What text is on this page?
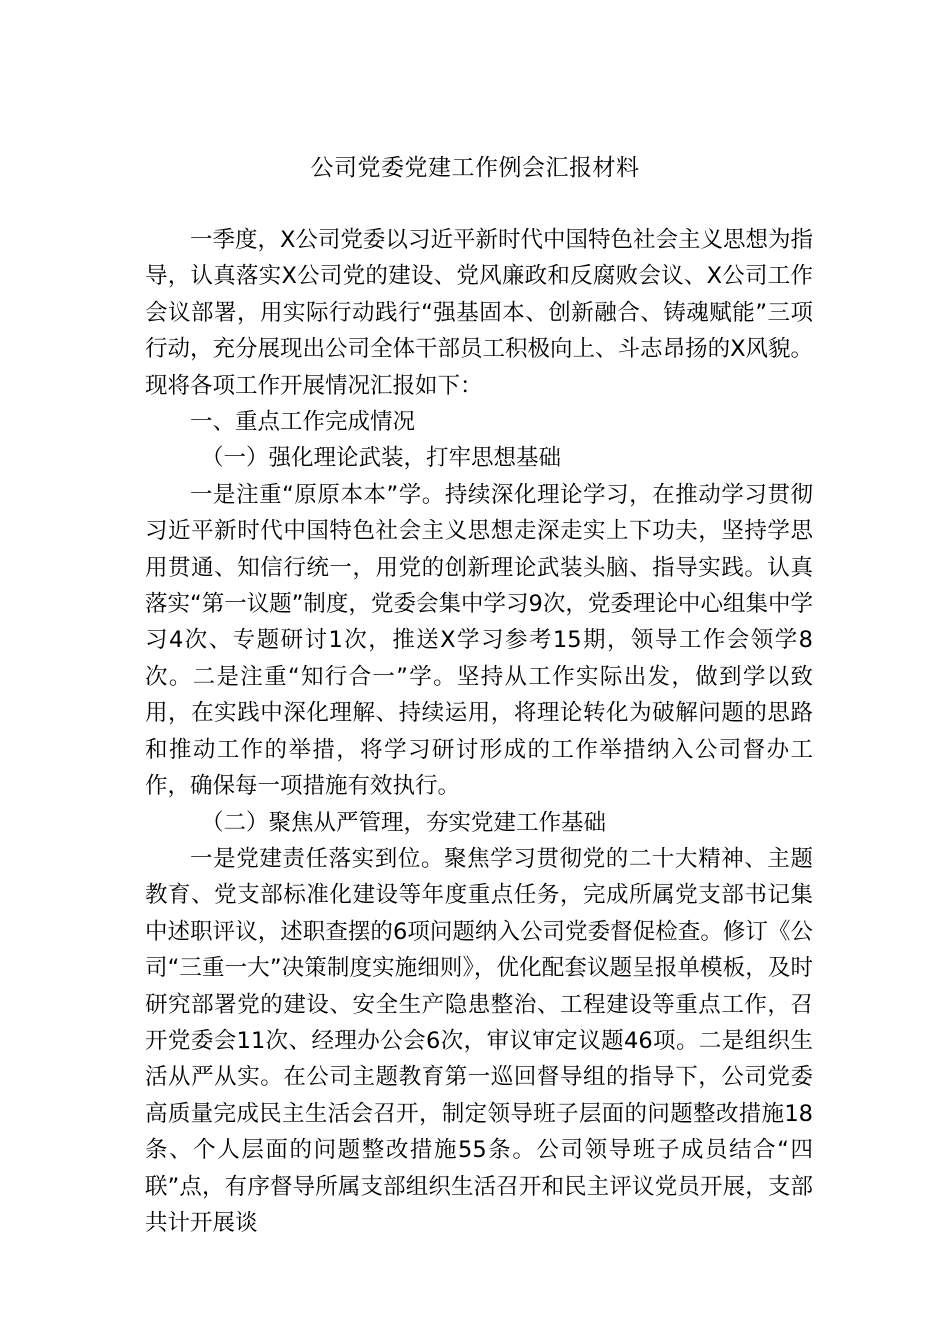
公司党委党建工作例会汇报材料

一季度，X公司党委以习近平新时代中国特色社会主义思想为指导，认真落实X公司党的建设、党风廉政和反腐败会议、X公司工作会议部署，用实际行动践行“强基固本、创新融合、铸魂赋能”三项行动，充分展现出公司全体干部员工积极向上、斗志昂扬的X风貌。现将各项工作开展情况汇报如下：

一、重点工作完成情况

（一）强化理论武装，打牢思想基础

一是注重“原原本本”学。持续深化理论学习，在推动学习贯彻习近平新时代中国特色社会主义思想走深走实上下功夫，坚持学思用贯通、知信行统一，用党的创新理论武装头脑、指导实践。认真落实“第一议题”制度，党委会集中学习9次，党委理论中心组集中学习4次、专题研讨1次，推送X学习参考15期，领导工作会领学8次。二是注重“知行合一”学。坚持从工作实际出发，做到学以致用，在实践中深化理解、持续运用，将理论转化为破解问题的思路和推动工作的举措，将学习研讨形成的工作举措纳入公司督办工作，确保每一项措施有效执行。

（二）聚焦从严管理，夯实党建工作基础

一是党建责任落实到位。聚焦学习贯彻党的二十大精神、主题教育、党支部标准化建设等年度重点任务，完成所属党支部书记集中述职评议，述职查摆的6项问题纳入公司党委督促检查。修订《公司“三重一大”决策制度实施细则》，优化配套议题呈报单模板，及时研究部署党的建设、安全生产隐患整治、工程建设等重点工作，召开党委会11次、经理办公会6次，审议审定议题46项。二是组织生活从严从实。在公司主题教育第一巡回督导组的指导下，公司党委高质量完成民主生活会召开，制定领导班子层面的问题整改措施18条、个人层面的问题整改措施55条。公司领导班子成员结合“四联”点，有序督导所属支部组织生活召开和民主评议党员开展，支部共计开展谈
